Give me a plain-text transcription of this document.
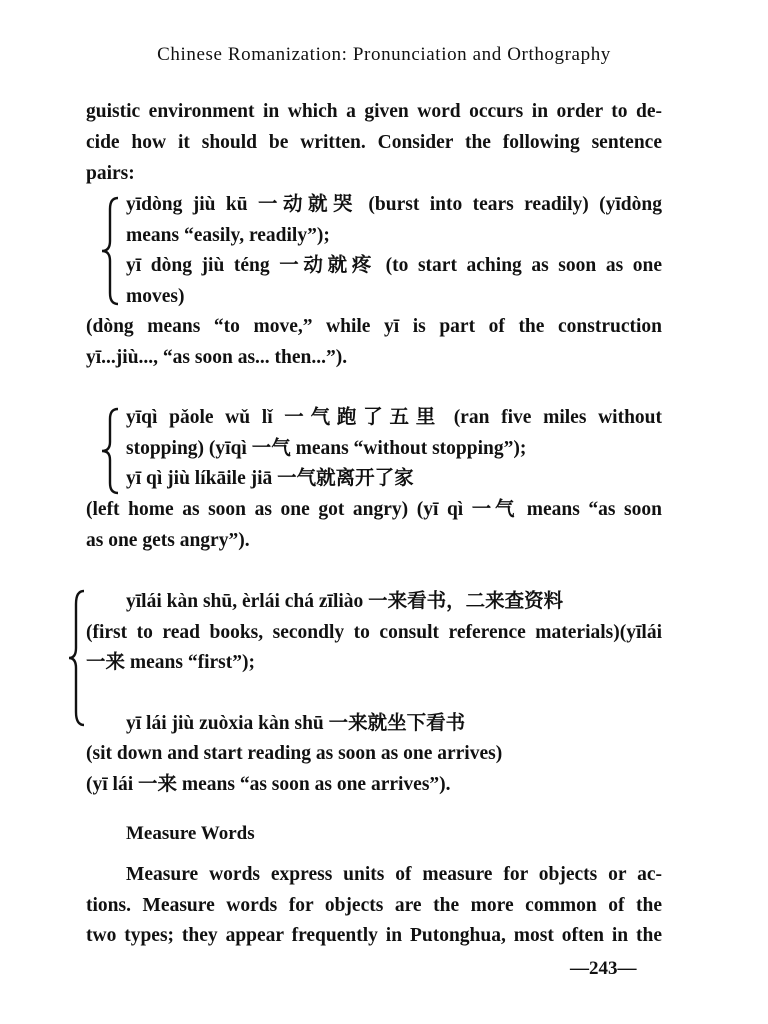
Chinese Romanization: Pronunciation and Orthography
guistic environment in which a given word occurs in order to de-
cide how it should be written. Consider the following sentence
pairs:
yīdòng jiù kū 一动就哭 (burst into tears readily) (yīdòng
means “easily, readily”);
yī dòng jiù téng 一动就疼 (to start aching as soon as one
moves)
(dòng means “to move,” while yī is part of the construction
yī...jiù..., “as soon as... then...”).
yīqì pǎole wǔ lǐ 一气跑了五里 (ran five miles without
stopping) (yīqì 一气 means “without stopping”);
yī qì jiù líkāile jiā 一气就离开了家
(left home as soon as one got angry) (yī qì 一气 means “as soon
as one gets angry”).
yīlái kàn shū, èrlái chá zīliào 一来看书，二来查资料
(first to read books, secondly to consult reference materials)(yīlái
一来 means “first”);
yī lái jiù zuòxia kàn shū 一来就坐下看书
(sit down and start reading as soon as one arrives)
(yī lái 一来 means “as soon as one arrives”).
Measure Words
Measure words express units of measure for objects or ac-
tions. Measure words for objects are the more common of the
two types; they appear frequently in Putonghua, most often in the
—243—
